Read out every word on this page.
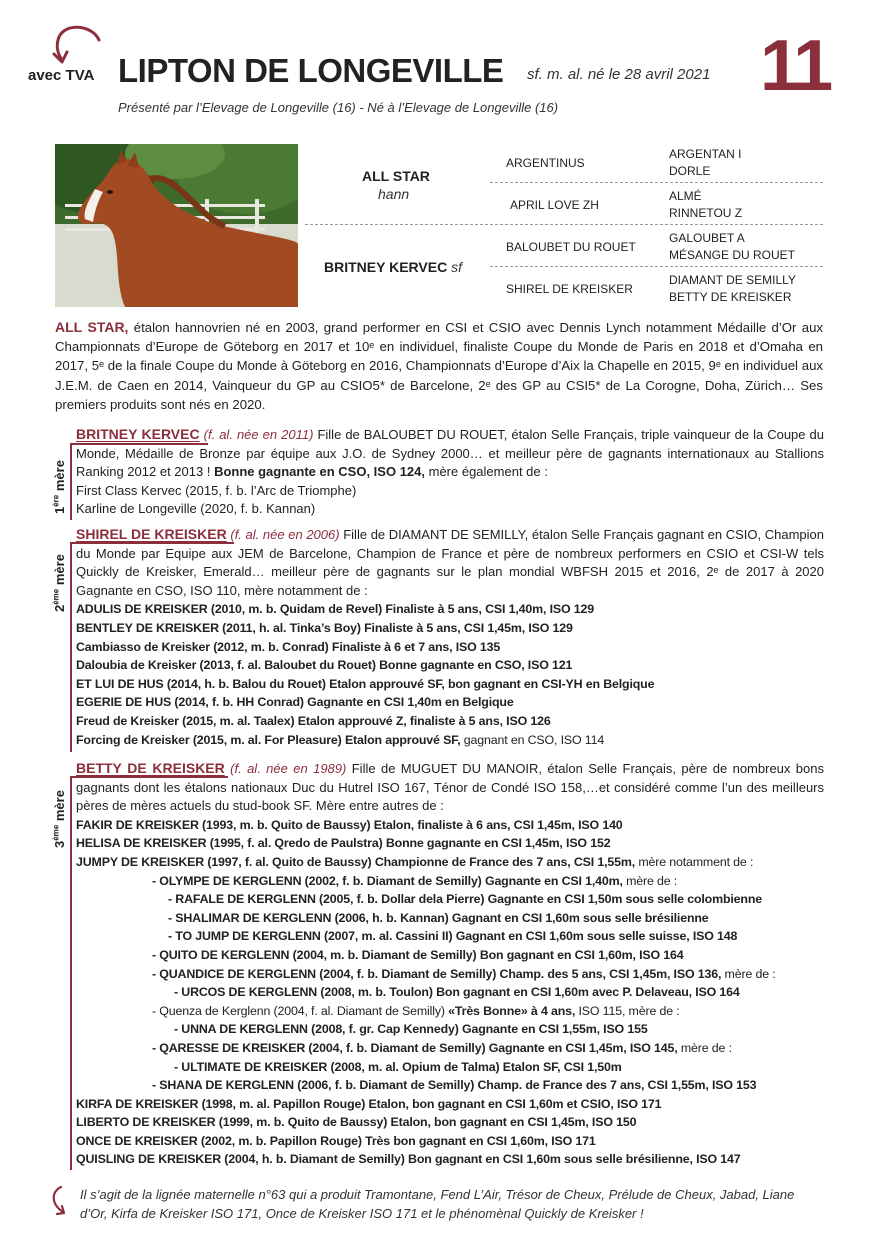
avec TVA LIPTON DE LONGEVILLE sf. m. al. né le 28 avril 2021 11
Présenté par l’Elevage de Longeville (16) - Né à l’Elevage de Longeville (16)
ALL STAR
hann
BRITNEY KERVEC sf
ARGENTINUS
APRIL LOVE ZH
BALOUBET DU ROUET
SHIREL DE KREISKER
ARGENTAN I
DORLE
ALMÉ
RINNETOU Z
GALOUBET A
MÉSANGE DU ROUET
DIAMANT DE SEMILLY
BETTY DE KREISKER
ALL STAR, étalon hannovrien né en 2003, grand performer en CSI et CSIO avec Dennis Lynch notamment Médaille d’Or aux Championnats d’Europe de Göteborg en 2017 et 10ᵉ en individuel, finaliste Coupe du Monde de Paris en 2018 et d’Omaha en 2017, 5ᵉ de la finale Coupe du Monde à Göteborg en 2016, Championnats d’Europe d’Aix la Chapelle en 2015, 9ᵉ en individuel aux J.E.M. de Caen en 2014, Vainqueur du GP au CSIO5* de Barcelone, 2ᵉ des GP au CSI5* de La Corogne, Doha, Zürich… Ses premiers produits sont nés en 2020.
1ère mère

BRITNEY KERVEC (f. al. née en 2011) Fille de BALOUBET DU ROUET, étalon Selle Français, triple vainqueur de la Coupe du Monde, Médaille de Bronze par équipe aux J.O. de Sydney 2000… et meilleur père de gagnants internationaux au Stallions Ranking 2012 et 2013 ! Bonne gagnante en CSO, ISO 124, mère également de :

First Class Kervec (2015, f. b. l’Arc de Triomphe)
Karline de Longeville (2020, f. b. Kannan)
2ème mère

SHIREL DE KREISKER (f. al. née en 2006) Fille de DIAMANT DE SEMILLY, étalon Selle Français gagnant en CSIO, Champion du Monde par Equipe aux JEM de Barcelone, Champion de France et père de nombreux performers en CSIO et CSI-W tels Quickly de Kreisker, Emerald… meilleur père de gagnants sur le plan mondial WBFSH 2015 et 2016, 2ᵉ de 2017 à 2020 Gagnante en CSO, ISO 110, mère notamment de :

ADULIS DE KREISKER (2010, m. b. Quidam de Revel) Finaliste à 5 ans, CSI 1,40m, ISO 129
BENTLEY DE KREISKER (2011, h. al. Tinka’s Boy) Finaliste à 5 ans, CSI 1,45m, ISO 129
Cambiasso de Kreisker (2012, m. b. Conrad) Finaliste à 6 et 7 ans, ISO 135
Daloubia de Kreisker (2013, f. al. Baloubet du Rouet) Bonne gagnante en CSO, ISO 121
ET LUI DE HUS (2014, h. b. Balou du Rouet) Etalon approuvé SF, bon gagnant en CSI-YH en Belgique
EGERIE DE HUS (2014, f. b. HH Conrad) Gagnante en CSI 1,40m en Belgique
Freud de Kreisker (2015, m. al. Taalex) Etalon approuvé Z, finaliste à 5 ans, ISO 126
Forcing de Kreisker (2015, m. al. For Pleasure) Etalon approuvé SF, gagnant en CSO, ISO 114
3ème mère

BETTY DE KREISKER (f. al. née en 1989) Fille de MUGUET DU MANOIR, étalon Selle Français, père de nombreux bons gagnants dont les étalons nationaux Duc du Hutrel ISO 167, Ténor de Condé ISO 158,…et considéré comme l’un des meilleurs pères de mères actuels du stud-book SF. Mère entre autres de :

FAKIR DE KREISKER (1993, m. b. Quito de Baussy) Etalon, finaliste à 6 ans, CSI 1,45m, ISO 140
HELISA DE KREISKER (1995, f. al. Qredo de Paulstra) Bonne gagnante en CSI 1,45m, ISO 152
JUMPY DE KREISKER (1997, f. al. Quito de Baussy) Championne de France des 7 ans, CSI 1,55m, mère notamment de :
- OLYMPE DE KERGLENN (2002, f. b. Diamant de Semilly) Gagnante en CSI 1,40m, mère de :
- RAFALE DE KERGLENN (2005, f. b. Dollar dela Pierre) Gagnante en CSI 1,50m sous selle colombienne
- SHALIMAR DE KERGLENN (2006, h. b. Kannan) Gagnant en CSI 1,60m sous selle brésilienne
- TO JUMP DE KERGLENN (2007, m. al. Cassini II) Gagnant en CSI 1,60m sous selle suisse, ISO 148
- QUITO DE KERGLENN (2004, m. b. Diamant de Semilly) Bon gagnant en CSI 1,60m, ISO 164
- QUANDICE DE KERGLENN (2004, f. b. Diamant de Semilly) Champ. des 5 ans, CSI 1,45m, ISO 136, mère de :
- URCOS DE KERGLENN (2008, m. b. Toulon) Bon gagnant en CSI 1,60m avec P. Delaveau, ISO 164
- Quenza de Kerglenn (2004, f. al. Diamant de Semilly) «Très Bonne» à 4 ans, ISO 115, mère de :
- UNNA DE KERGLENN (2008, f. gr. Cap Kennedy) Gagnante en CSI 1,55m, ISO 155
- QARESSE DE KREISKER (2004, f. b. Diamant de Semilly) Gagnante en CSI 1,45m, ISO 145, mère de :
- ULTIMATE DE KREISKER (2008, m. al. Opium de Talma) Etalon SF, CSI 1,50m
- SHANA DE KERGLENN (2006, f. b. Diamant de Semilly) Champ. de France des 7 ans, CSI 1,55m, ISO 153
KIRFA DE KREISKER (1998, m. al. Papillon Rouge) Etalon, bon gagnant en CSI 1,60m et CSIO, ISO 171
LIBERTO DE KREISKER (1999, m. b. Quito de Baussy) Etalon, bon gagnant en CSI 1,45m, ISO 150
ONCE DE KREISKER (2002, m. b. Papillon Rouge) Très bon gagnant en CSI 1,60m, ISO 171
QUISLING DE KREISKER (2004, h. b. Diamant de Semilly) Bon gagnant en CSI 1,60m sous selle brésilienne, ISO 147
Il s’agit de la lignée maternelle n°63 qui a produit Tramontane, Fend L’Air, Trésor de Cheux, Prélude de Cheux, Jabad, Liane d’Or, Kirfa de Kreisker ISO 171, Once de Kreisker ISO 171 et le phénomènal Quickly de Kreisker !
